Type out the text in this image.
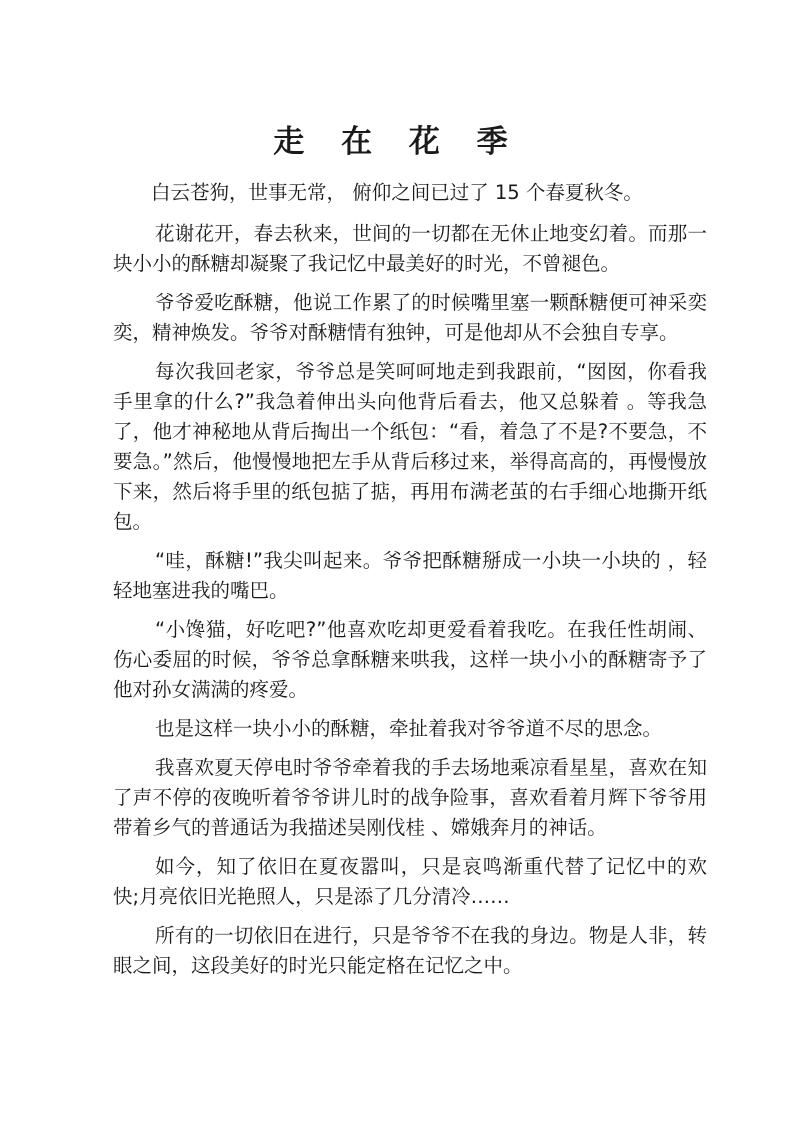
走 在 花 季

白云苍狗，世事无常， 俯仰之间已过了 15 个春夏秋冬。

花谢花开，春去秋来，世间的一切都在无休止地变幻着。而那一块小小的酥糖却凝聚了我记忆中最美好的时光，不曾褪色。

爷爷爱吃酥糖，他说工作累了的时候嘴里塞一颗酥糖便可神采奕奕，精神焕发。爷爷对酥糖情有独钟，可是他却从不会独自专享。

每次我回老家，爷爷总是笑呵呵地走到我跟前，“囡囡，你看我手里拿的什么?”我急着伸出头向他背后看去，他又总躲着 。等我急了，他才神秘地从背后掏出一个纸包：“看，着急了不是?不要急，不要急。”然后，他慢慢地把左手从背后移过来，举得高高的，再慢慢放下来，然后将手里的纸包掂了掂，再用布满老茧的右手细心地撕开纸包。

“哇，酥糖!”我尖叫起来。爷爷把酥糖掰成一小块一小块的 ，轻轻地塞进我的嘴巴。

“小馋猫，好吃吧?”他喜欢吃却更爱看着我吃。在我任性胡闹、伤心委屈的时候，爷爷总拿酥糖来哄我，这样一块小小的酥糖寄予了他对孙女满满的疼爱。

也是这样一块小小的酥糖，牵扯着我对爷爷道不尽的思念。

我喜欢夏天停电时爷爷牵着我的手去场地乘凉看星星，喜欢在知了声不停的夜晚听着爷爷讲儿时的战争险事，喜欢看着月辉下爷爷用带着乡气的普通话为我描述吴刚伐桂 、嫦娥奔月的神话。

如今，知了依旧在夏夜嚣叫，只是哀鸣渐重代替了记忆中的欢快;月亮依旧光艳照人，只是添了几分清冷……

所有的一切依旧在进行，只是爷爷不在我的身边。物是人非，转眼之间，这段美好的时光只能定格在记忆之中。
